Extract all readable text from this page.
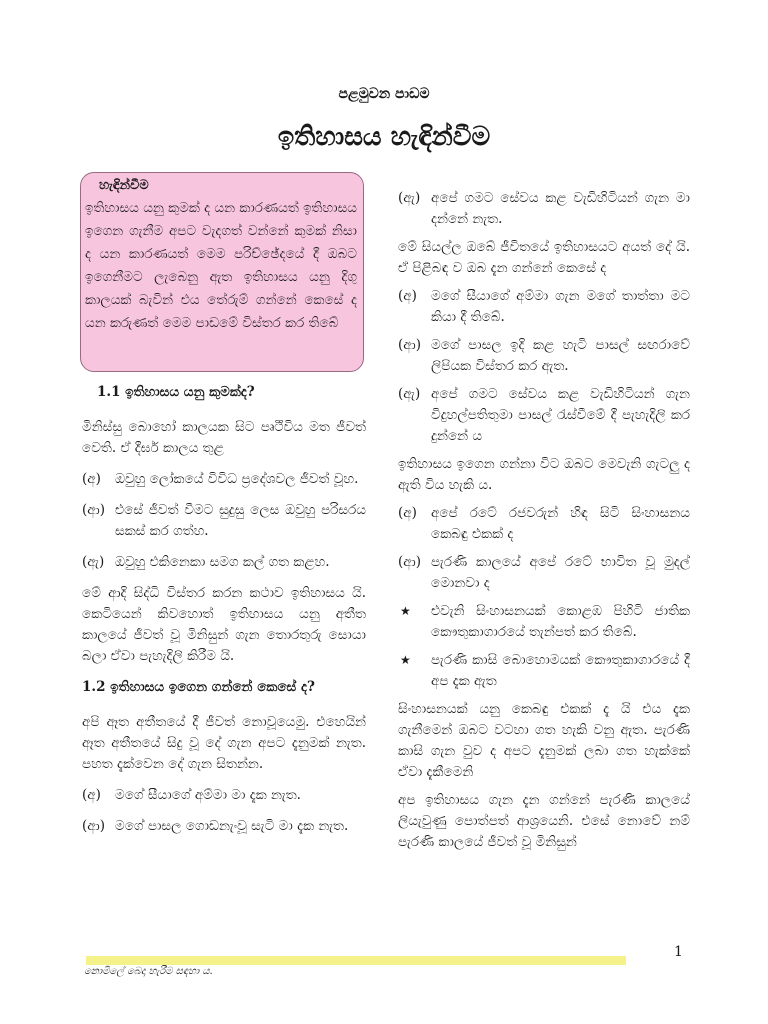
පළමුවන පාඩම
ඉතිහාසය හැඳින්වීම
හැඳින්වීම

ඉතිහාසය යනු කුමක් ද යන කාරණයත් ඉතිහාසය ඉගෙන ගැනීම අපට වැදගත් වන්නේ කුමක් නිසා ද යන කාරණයත් මෙම පරිච්ඡේදයේ දී ඔබට ඉගෙනීමට ලැබෙනු ඇත ඉතිහාසය යනු දිගු කාලයක් බැවින් එය තේරුම් ගන්නේ කෙසේ ද යන කරුණත් මෙම පාඩමේ විස්තර කර තිබේ

1.1 ඉතිහාසය යනු කුමක්ද?
මිනිස්සු බොහෝ කාලයක සිට පෘථිවිය මත ජීවත් වෙති. ඒ දීර්ඝ කාලය තුළ
(අ) ඔවුහු ලෝකයේ විවිධ ප්‍රදේශවල ජීවත් වූහ.
(ආ) එසේ ජීවත් වීමට සුදුසු ලෙස ඔවුහු පරිසරය සකස් කර ගත්හ.
(ඇ) ඔවුහු එකිනෙකා සමග කල් ගත කළහ.
මේ ආදි සිද්ධි විස්තර කරන කථාව ඉතිහාසය යි. කෙටියෙන් කිවහොත් ඉතිහාසය යනු අතීත කාලයේ ජීවත් වූ මිනිසුන් ගැන තොරතුරු සොයා බලා ඒවා පැහැදිලි කිරීම යි.
1.2 ඉතිහාසය ඉගෙන ගන්නේ කෙසේ ද?
අපි ඈත අතීතයේ දී ජීවත් නොවූයෙමු. එහෙයින් ඈත අතීතයේ සිදු වූ දේ ගැන අපට දැනුමක් නැත. පහත දැක්වෙන දේ ගැන සිතන්න.
(අ) මගේ සීයාගේ අම්මා මා දැක නැත.
(ආ) මගේ පාසල ගොඩනැංවූ සැටි මා දැක නැත.
(ඇ) අපේ ගමට සේවය කළ වැඩිහිටියන් ගැන මා දන්නේ නැත.
මේ සියල්ල ඔබේ ජීවිතයේ ඉතිහාසයට අයත් දේ යි. ඒ පිළිබඳ ව ඔබ දැන ගන්නේ කෙසේ ද
(අ) මගේ සීයාගේ අම්මා ගැන මගේ තාත්තා මට කියා දී තිබේ.
(ආ) මගේ පාසල ඉදි කළ හැටි පාසල් සඟරාවේ ලිපියක විස්තර කර ඇත.
(ඇ) අපේ ගමට සේවය කළ වැඩිහිටියන් ගැන විදුහල්පතිතුමා පාසල් රැස්වීමේ දී පැහැදිලි කර දුන්නේ ය
ඉතිහාසය ඉගෙන ගන්නා විට ඔබට මෙවැනි ගැටලු ද ඇති විය හැකි ය.
(අ) අපේ රටේ රජවරුන් හිඳ සිටි සිංහාසනය කෙබඳු එකක් ද
(ආ) පැරණි කාලයේ අපේ රටේ භාවිත වූ මුදල් මොනවා ද
★ එවැනි සිංහාසනයක් කොළඹ පිහිටි ජාතික කෞතුකාගාරයේ තැන්පත් කර තිබේ.
★ පැරණි කාසි බොහොමයක් කෞතුකාගාරයේ දී අප දැක ඇත
සිංහාසනයක් යනු කෙබඳු එකක් දැ යි එය දැක ගැනීමෙන් ඔබට වටහා ගත හැකි වනු ඇත. පැරණි කාසි ගැන වුව ද අපට දැනුමක් ලබා ගත හැක්කේ ඒවා දැකීමෙනි
අප ඉතිහාසය ගැන දැන ගන්නේ පැරණි කාලයේ ලියැවුණු පොත්පත් ආශ්‍රයෙනි. එසේ නොවේ නම් පැරණි කාලයේ ජීවත් වූ මිනිසුන්
1
නොමිලේ බෙදා හැරීම සඳහා ය.
